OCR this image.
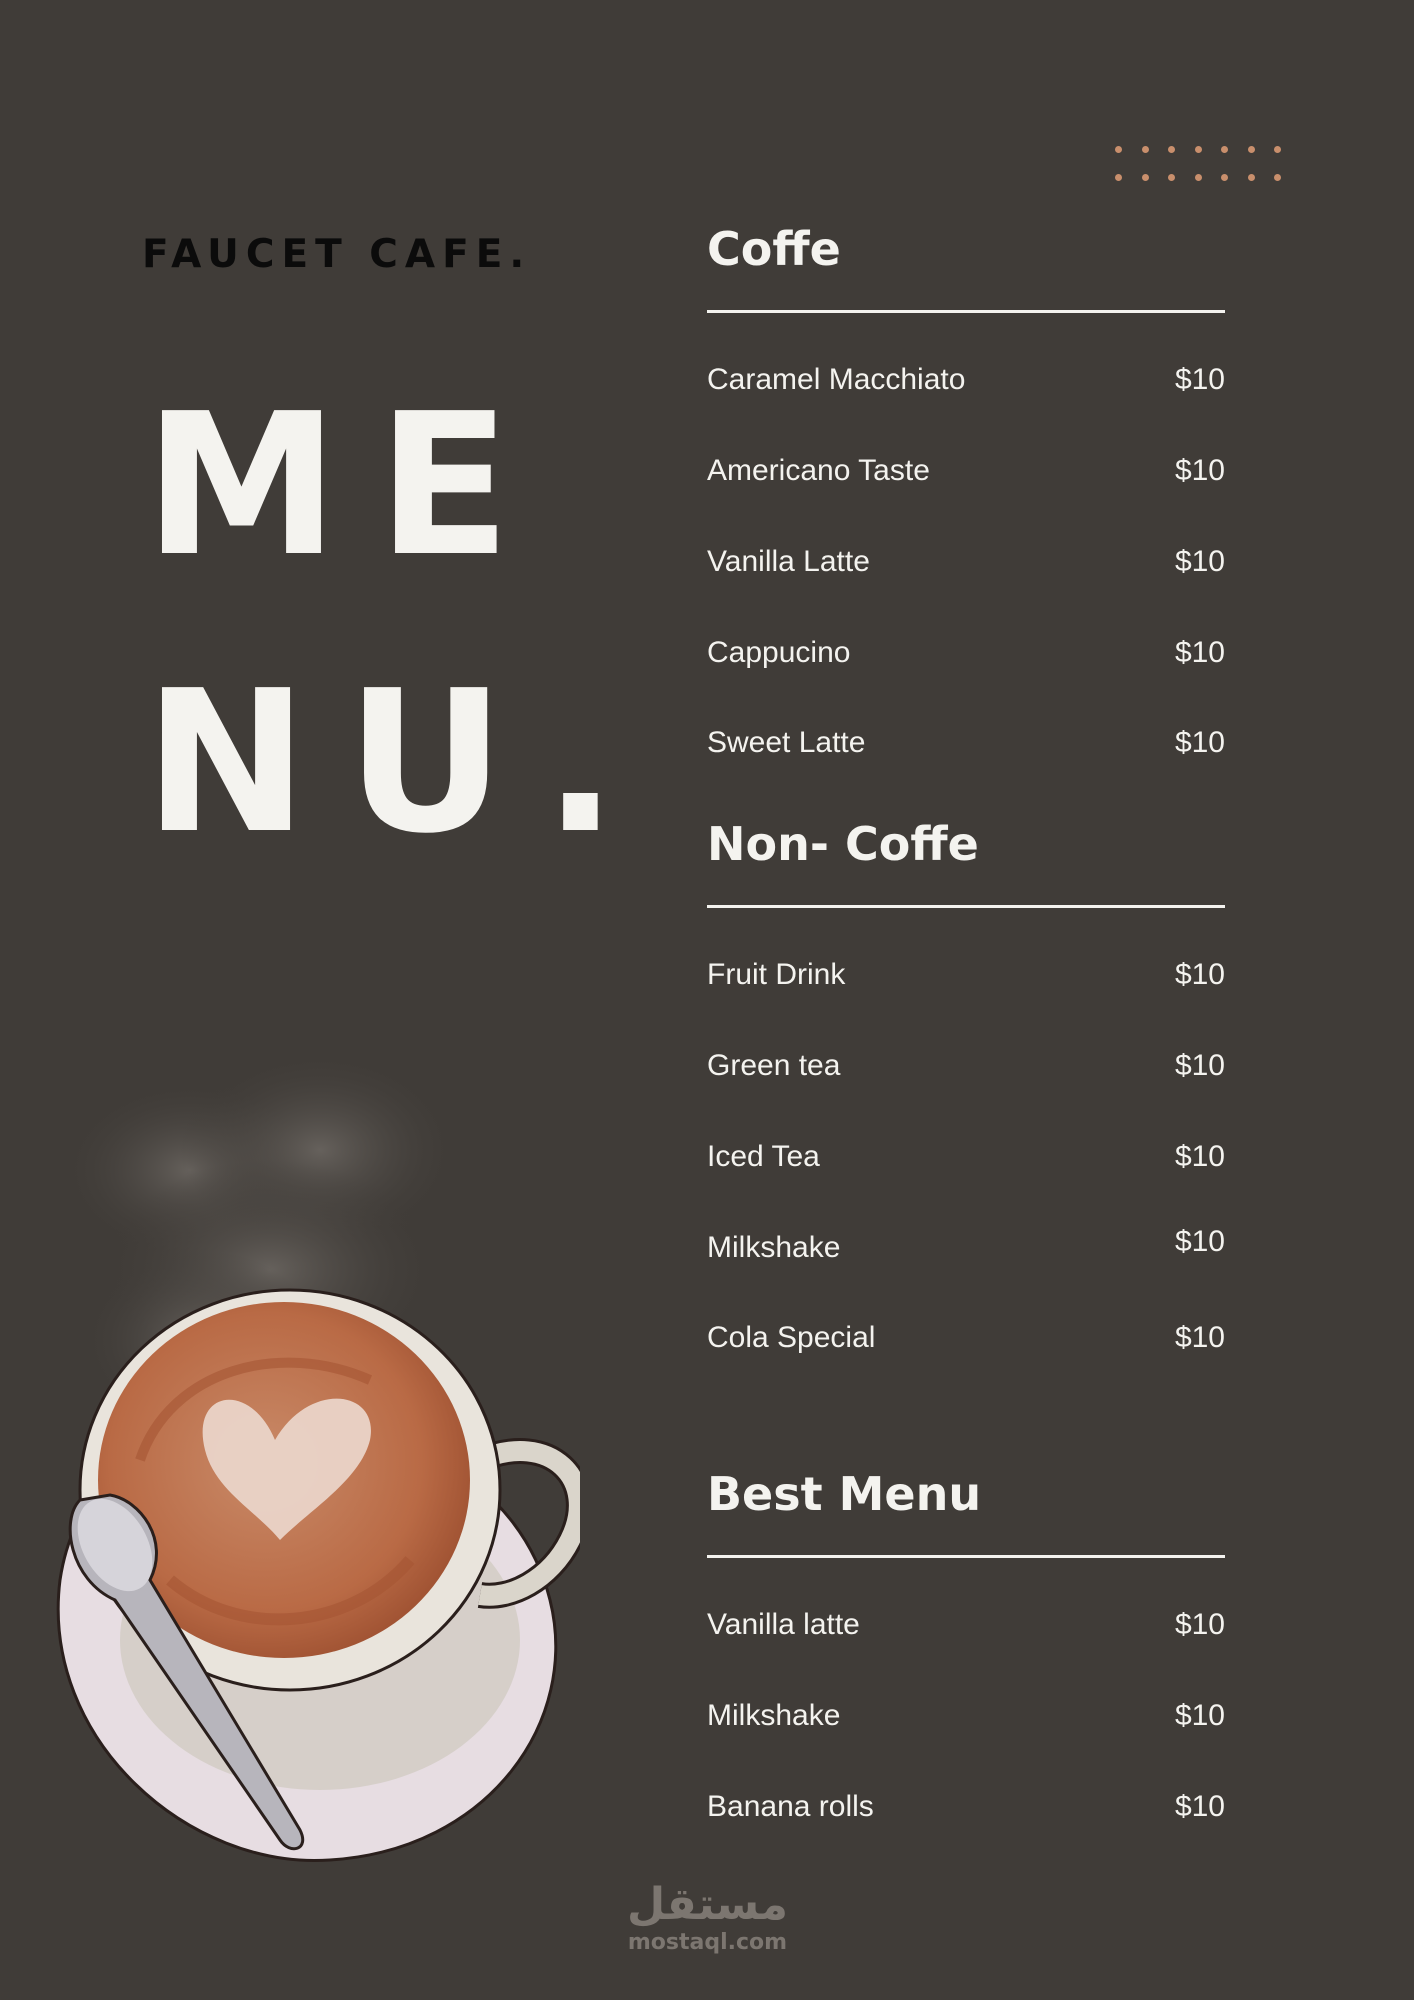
FAUCET CAFE.
ME
NU.
Coffe
Caramel Macchiato	$10
Americano Taste	$10
Vanilla Latte	$10
Cappucino	$10
Sweet Latte	$10
Non- Coffe
Fruit Drink	$10
Green tea	$10
Iced Tea	$10
Milkshake	$10
Cola Special	$10
Best Menu
Vanilla latte	$10
Milkshake	$10
Banana rolls	$10
مستقل
mostaql.com
